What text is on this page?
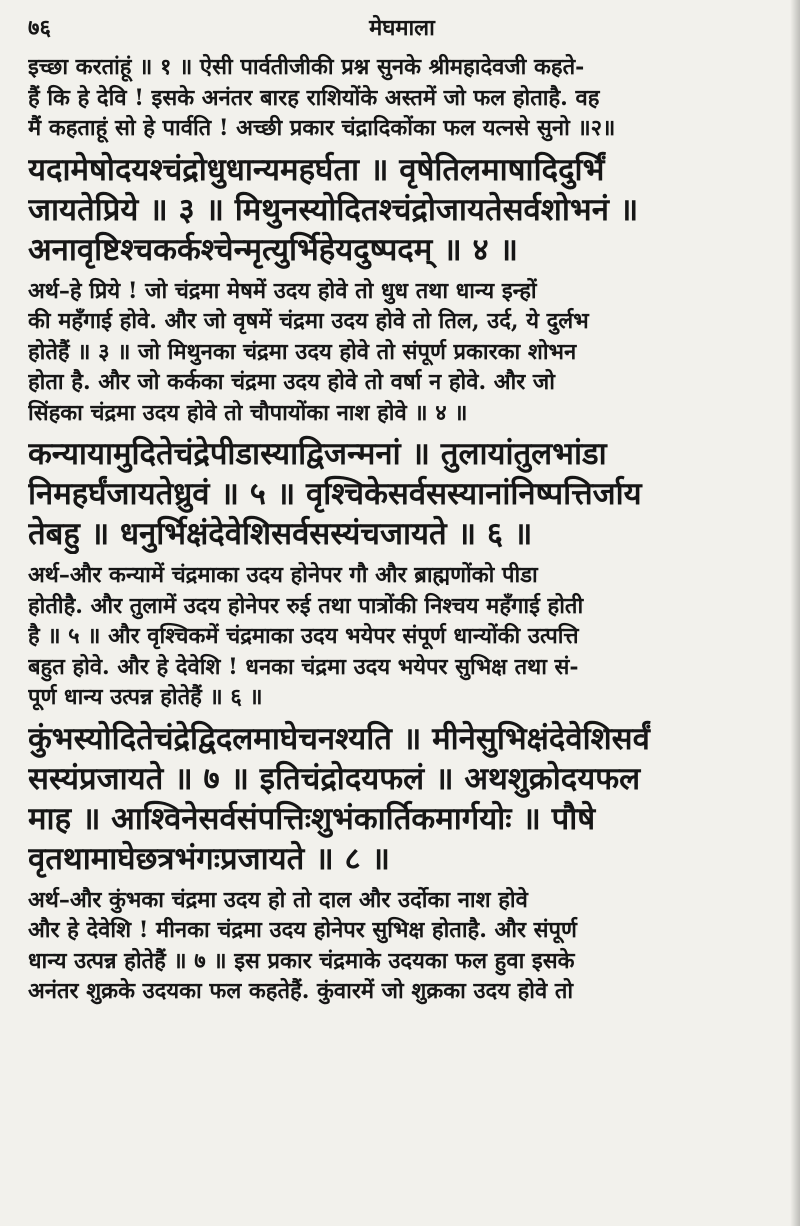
७६	मेघमाला

इच्छा करतांहूं ॥ १ ॥ ऐसी पार्वतीजीकी प्रश्न सुनके श्रीमहादेवजी कहते-

हैं कि हे देवि ! इसके अनंतर बारह राशियोंके अस्तमें जो फल होताहै. वह

मैं कहताहूं सो हे पार्वति ! अच्छी प्रकार चंद्रादिकोंका फल यत्नसे सुनो ॥२॥

यदामेषोदयश्चंद्रोधुधान्यमहर्घता ॥ वृषेतिलमाषादिदुर्भिं

जायतेप्रिये ॥ ३ ॥ मिथुनस्योदितश्चंद्रोजायतेसर्वशोभनं ॥

अनावृष्टिश्चकर्कश्चेन्मृत्युर्भिहेयदुष्पदम् ॥ ४ ॥

अर्थ–हे प्रिये ! जो चंद्रमा मेषमें उदय होवे तो धुध तथा धान्य इन्हों

की महँगाई होवे. और जो वृषमें चंद्रमा उदय होवे तो तिल, उर्द, ये दुर्लभ

होतेहैं ॥ ३ ॥ जो मिथुनका चंद्रमा उदय होवे तो संपूर्ण प्रकारका शोभन

होता है. और जो कर्कका चंद्रमा उदय होवे तो वर्षा न होवे. और जो

सिंहका चंद्रमा उदय होवे तो चौपायोंका नाश होवे ॥ ४ ॥

कन्यायामुदितेचंद्रेपीडास्याद्विजन्मनां ॥ तुलायांतुलभांडा

निमहर्घंजायतेध्रुवं ॥ ५ ॥ वृश्चिकेसर्वसस्यानांनिष्पत्तिर्जाय

तेबहु ॥ धनुर्भिक्षंदेवेशिसर्वसस्यंचजायते ॥ ६ ॥

अर्थ–और कन्यामें चंद्रमाका उदय होनेपर गौ और ब्राह्मणोंको पीडा

होतीहै. और तुलामें उदय होनेपर रुई तथा पात्रोंकी निश्चय महँगाई होती

है ॥ ५ ॥ और वृश्चिकमें चंद्रमाका उदय भयेपर संपूर्ण धान्योंकी उत्पत्ति

बहुत होवे. और हे देवेशि ! धनका चंद्रमा उदय भयेपर सुभिक्ष तथा सं-

पूर्ण धान्य उत्पन्न होतेहैं ॥ ६ ॥

कुंभस्योदितेचंद्रेद्विदलमाघेचनश्यति ॥ मीनेसुभिक्षंदेवेशिसर्वं

सस्यंप्रजायते ॥ ७ ॥ इतिचंद्रोदयफलं ॥ अथशुक्रोदयफल

माह ॥ आश्विनेसर्वसंपत्तिःशुभंकार्तिकमार्गयोः ॥ पौषे

वृतथामाघेछत्रभंगःप्रजायते ॥ ८ ॥

अर्थ–और कुंभका चंद्रमा उदय हो तो दाल और उर्दोका नाश होवे

और हे देवेशि ! मीनका चंद्रमा उदय होनेपर सुभिक्ष होताहै. और संपूर्ण

धान्य उत्पन्न होतेहैं ॥ ७ ॥ इस प्रकार चंद्रमाके उदयका फल हुवा इसके

अनंतर शुक्रके उदयका फल कहतेहैं. कुंवारमें जो शुक्रका उदय होवे तो
